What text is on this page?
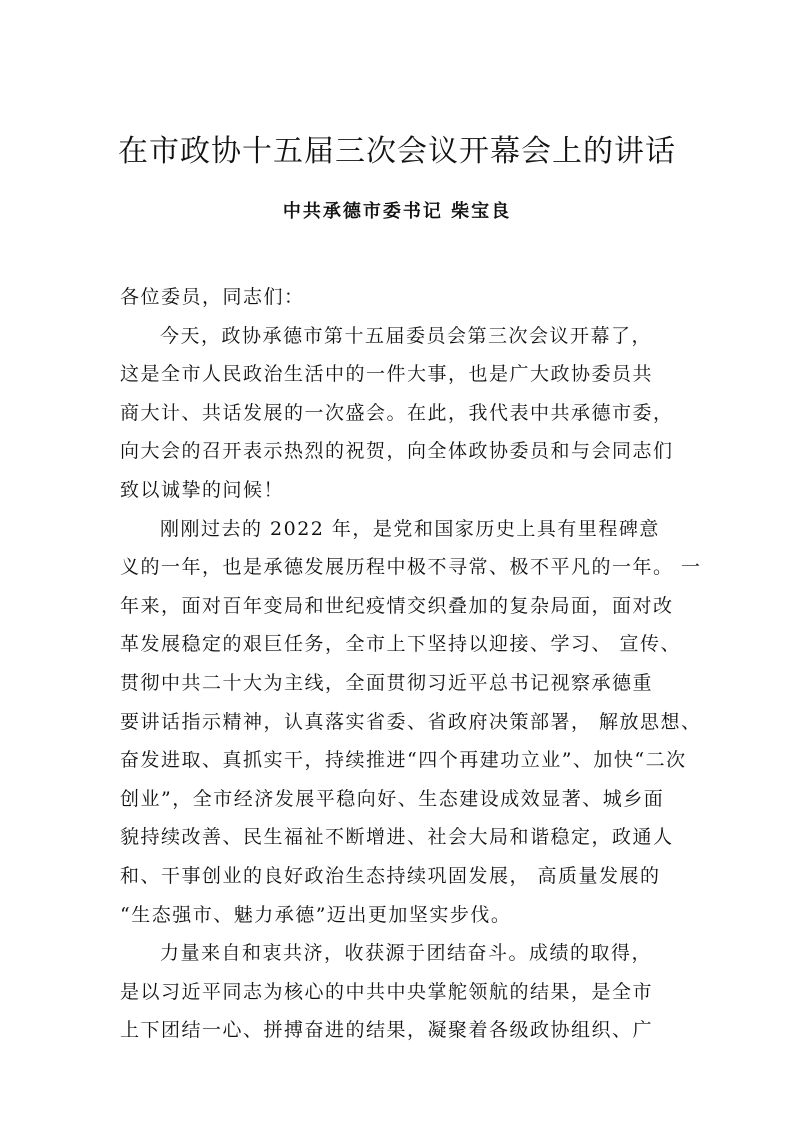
在市政协十五届三次会议开幕会上的讲话
中共承德市委书记 柴宝良
各位委员，同志们：
今天，政协承德市第十五届委员会第三次会议开幕了，
这是全市人民政治生活中的一件大事，也是广大政协委员共
商大计、共话发展的一次盛会。在此，我代表中共承德市委，
向大会的召开表示热烈的祝贺，向全体政协委员和与会同志们
致以诚挚的问候！
刚刚过去的 2022 年，是党和国家历史上具有里程碑意
义的一年，也是承德发展历程中极不寻常、极不平凡的一年。 一
年来，面对百年变局和世纪疫情交织叠加的复杂局面，面对改
革发展稳定的艰巨任务，全市上下坚持以迎接、学习、 宣传、
贯彻中共二十大为主线，全面贯彻习近平总书记视察承德重
要讲话指示精神，认真落实省委、省政府决策部署， 解放思想、
奋发进取、真抓实干，持续推进“四个再建功立业”、加快“二次
创业”，全市经济发展平稳向好、生态建设成效显著、城乡面
貌持续改善、民生福祉不断增进、社会大局和谐稳定，政通人
和、干事创业的良好政治生态持续巩固发展， 高质量发展的
“生态强市、魅力承德”迈出更加坚实步伐。
力量来自和衷共济，收获源于团结奋斗。成绩的取得，
是以习近平同志为核心的中共中央掌舵领航的结果，是全市
上下团结一心、拼搏奋进的结果，凝聚着各级政协组织、广
